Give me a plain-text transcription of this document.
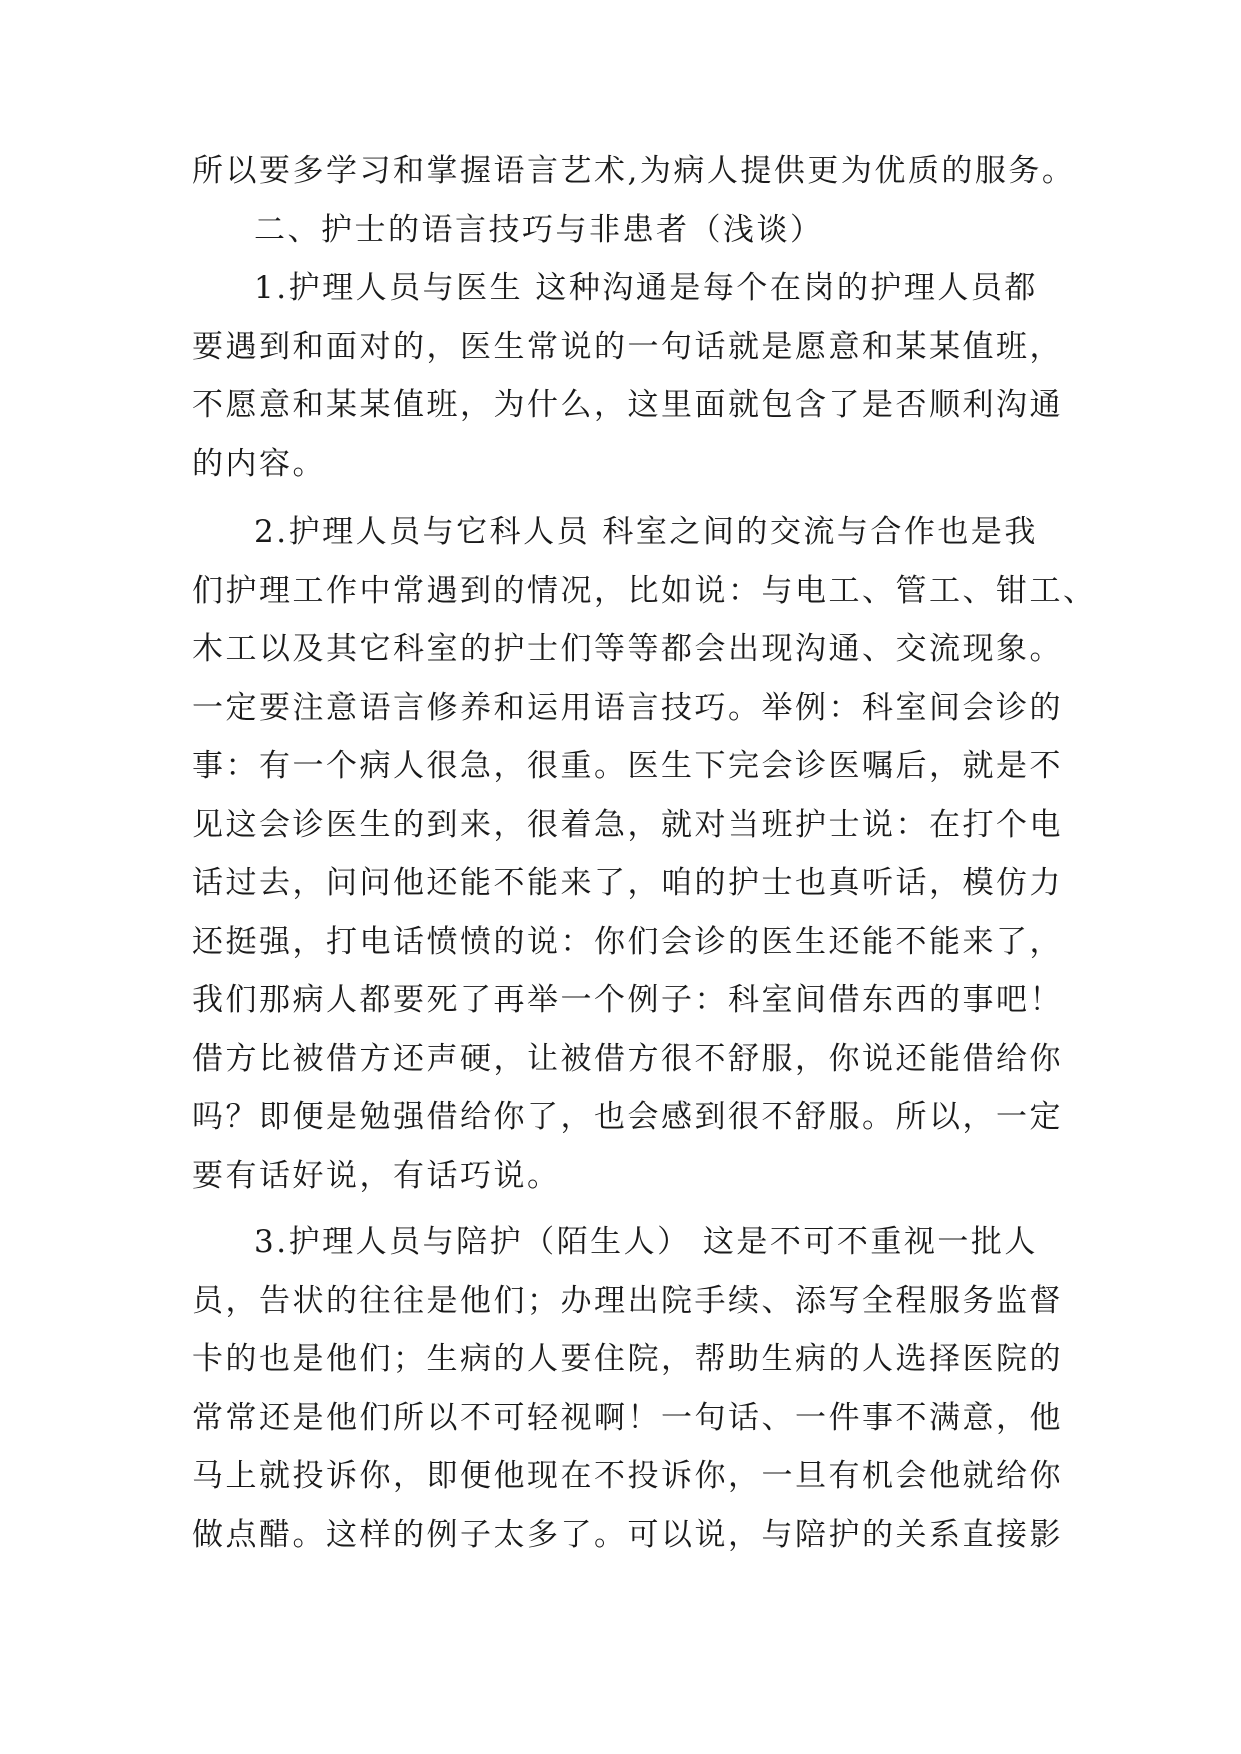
所以要多学习和掌握语言艺术,为病人提供更为优质的服务。
二、护士的语言技巧与非患者（浅谈）
1.护理人员与医生 这种沟通是每个在岗的护理人员都
要遇到和面对的，医生常说的一句话就是愿意和某某值班，
不愿意和某某值班，为什么，这里面就包含了是否顺利沟通
的内容。
2.护理人员与它科人员 科室之间的交流与合作也是我
们护理工作中常遇到的情况，比如说：与电工、管工、钳工、
木工以及其它科室的护士们等等都会出现沟通、交流现象。
一定要注意语言修养和运用语言技巧。举例：科室间会诊的
事：有一个病人很急，很重。医生下完会诊医嘱后，就是不
见这会诊医生的到来，很着急，就对当班护士说：在打个电
话过去，问问他还能不能来了，咱的护士也真听话，模仿力
还挺强，打电话愤愤的说：你们会诊的医生还能不能来了，
我们那病人都要死了再举一个例子：科室间借东西的事吧！
借方比被借方还声硬，让被借方很不舒服，你说还能借给你
吗？即便是勉强借给你了，也会感到很不舒服。所以，一定
要有话好说，有话巧说。
3.护理人员与陪护（陌生人） 这是不可不重视一批人
员，告状的往往是他们；办理出院手续、添写全程服务监督
卡的也是他们；生病的人要住院，帮助生病的人选择医院的
常常还是他们所以不可轻视啊！一句话、一件事不满意，他
马上就投诉你，即便他现在不投诉你，一旦有机会他就给你
做点醋。这样的例子太多了。可以说，与陪护的关系直接影
